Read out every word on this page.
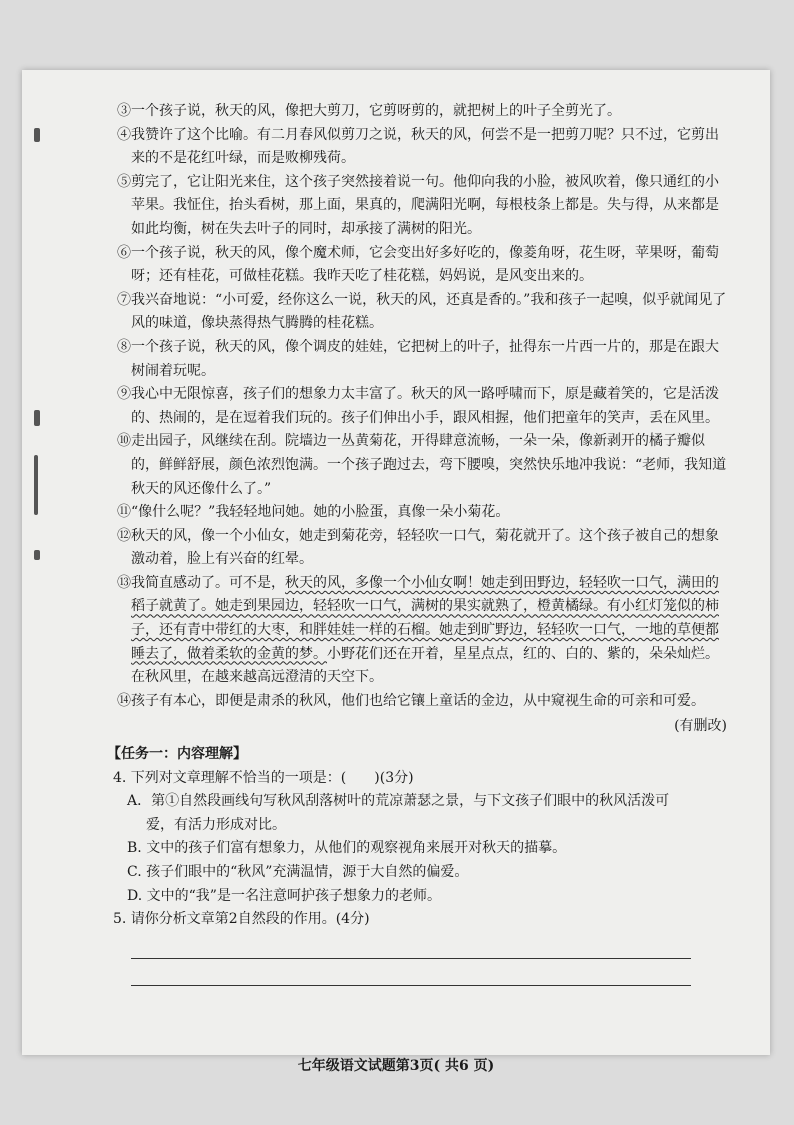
③一个孩子说，秋天的风，像把大剪刀，它剪呀剪的，就把树上的叶子全剪光了。

④我赞许了这个比喻。有二月春风似剪刀之说，秋天的风，何尝不是一把剪刀呢？只不过，它剪出来的不是花红叶绿，而是败柳残荷。

⑤剪完了，它让阳光来住，这个孩子突然接着说一句。他仰向我的小脸，被风吹着，像只通红的小苹果。我怔住，抬头看树，那上面，果真的，爬满阳光啊，每根枝条上都是。失与得，从来都是如此均衡，树在失去叶子的同时，却承接了满树的阳光。

⑥一个孩子说，秋天的风，像个魔术师，它会变出好多好吃的，像菱角呀，花生呀，苹果呀，葡萄呀；还有桂花，可做桂花糕。我昨天吃了桂花糕，妈妈说，是风变出来的。

⑦我兴奋地说：“小可爱，经你这么一说，秋天的风，还真是香的。”我和孩子一起嗅，似乎就闻见了风的味道，像块蒸得热气腾腾的桂花糕。

⑧一个孩子说，秋天的风，像个调皮的娃娃，它把树上的叶子，扯得东一片西一片的，那是在跟大树闹着玩呢。

⑨我心中无限惊喜，孩子们的想象力太丰富了。秋天的风一路呼啸而下，原是藏着笑的，它是活泼的、热闹的，是在逗着我们玩的。孩子们伸出小手，跟风相握，他们把童年的笑声，丢在风里。

⑩走出园子，风继续在刮。院墙边一丛黄菊花，开得肆意流畅，一朵一朵，像新剥开的橘子瓣似的，鲜鲜舒展，颜色浓烈饱满。一个孩子跑过去，弯下腰嗅，突然快乐地冲我说：“老师，我知道秋天的风还像什么了。”

⑪“像什么呢？”我轻轻地问她。她的小脸蛋，真像一朵小菊花。

⑫秋天的风，像一个小仙女，她走到菊花旁，轻轻吹一口气，菊花就开了。这个孩子被自己的想象激动着，脸上有兴奋的红晕。

⑬我简直感动了。可不是，秋天的风，多像一个小仙女啊！她走到田野边，轻轻吹一口气，满田的稻子就黄了。她走到果园边，轻轻吹一口气，满树的果实就熟了，橙黄橘绿。有小红灯笼似的柿子，还有青中带红的大枣，和胖娃娃一样的石榴。她走到旷野边，轻轻吹一口气，一地的草便都睡去了，做着柔软的金黄的梦。小野花们还在开着，星星点点，红的、白的、紫的，朵朵灿烂。在秋风里，在越来越高远澄清的天空下。

⑭孩子有本心，即便是肃杀的秋风，他们也给它镶上童话的金边，从中窥视生命的可亲和可爱。

(有删改)
【任务一：内容理解】
4. 下列对文章理解不恰当的一项是：(　　)(3分)
A．第①自然段画线句写秋风刮落树叶的荒凉萧瑟之景，与下文孩子们眼中的秋风活泼可
爱，有活力形成对比。
B. 文中的孩子们富有想象力，从他们的观察视角来展开对秋天的描摹。
C. 孩子们眼中的“秋风”充满温情，源于大自然的偏爱。
D. 文中的“我”是一名注意呵护孩子想象力的老师。
5. 请你分析文章第2自然段的作用。(4分)
七年级语文试题第3页( 共6 页)
